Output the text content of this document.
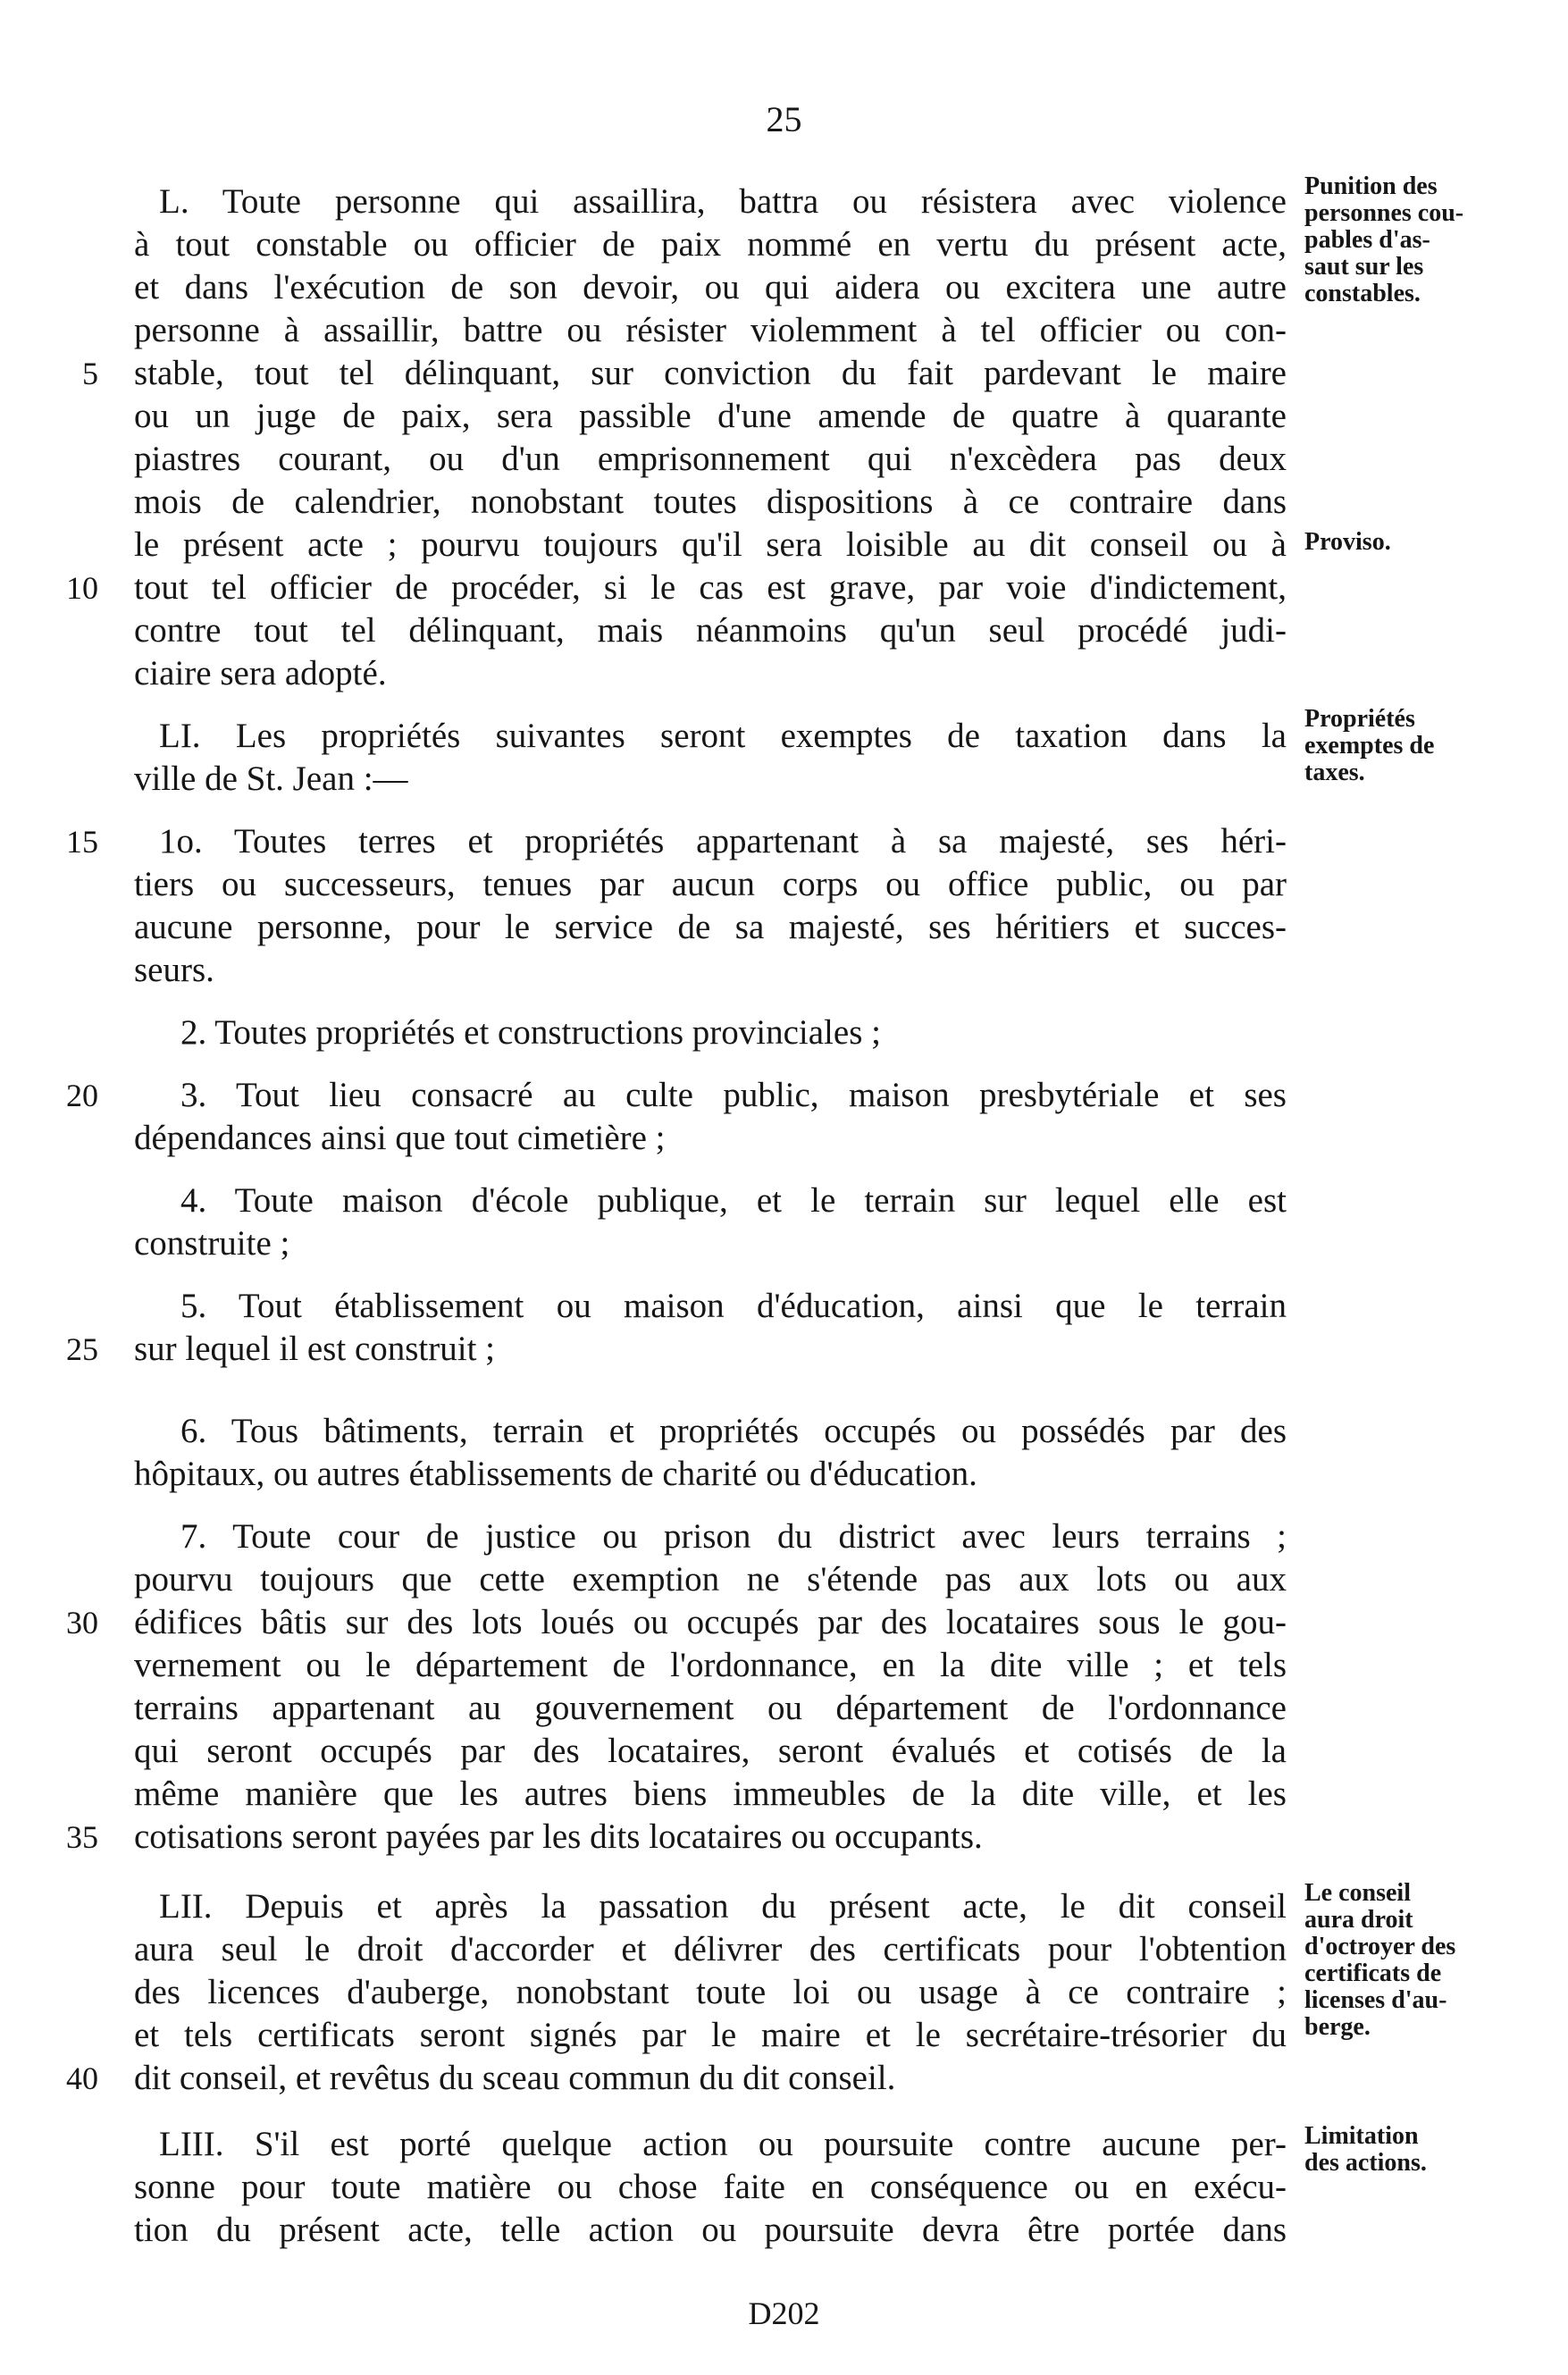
25
L. Toute personne qui assaillira, battra ou résistera avec violence
à tout constable ou officier de paix nommé en vertu du présent acte,
et dans l'exécution de son devoir, ou qui aidera ou excitera une autre
personne à assaillir, battre ou résister violemment à tel officier ou con-
stable, tout tel délinquant, sur conviction du fait pardevant le maire
ou un juge de paix, sera passible d'une amende de quatre à quarante
piastres courant, ou d'un emprisonnement qui n'excèdera pas deux
mois de calendrier, nonobstant toutes dispositions à ce contraire dans
le présent acte ; pourvu toujours qu'il sera loisible au dit conseil ou à
tout tel officier de procéder, si le cas est grave, par voie d'indictement,
contre tout tel délinquant, mais néanmoins qu'un seul procédé judi-
ciaire sera adopté.
LI. Les propriétés suivantes seront exemptes de taxation dans la
ville de St. Jean :—
1o. Toutes terres et propriétés appartenant à sa majesté, ses héri-
tiers ou successeurs, tenues par aucun corps ou office public, ou par
aucune personne, pour le service de sa majesté, ses héritiers et succes-
seurs.
2. Toutes propriétés et constructions provinciales ;
3. Tout lieu consacré au culte public, maison presbytériale et ses
dépendances ainsi que tout cimetière ;
4. Toute maison d'école publique, et le terrain sur lequel elle est
construite ;
5. Tout établissement ou maison d'éducation, ainsi que le terrain
sur lequel il est construit ;
6. Tous bâtiments, terrain et propriétés occupés ou possédés par des
hôpitaux, ou autres établissements de charité ou d'éducation.
7. Toute cour de justice ou prison du district avec leurs terrains ;
pourvu toujours que cette exemption ne s'étende pas aux lots ou aux
édifices bâtis sur des lots loués ou occupés par des locataires sous le gou-
vernement ou le département de l'ordonnance, en la dite ville ; et tels
terrains appartenant au gouvernement ou département de l'ordonnance
qui seront occupés par des locataires, seront évalués et cotisés de la
même manière que les autres biens immeubles de la dite ville, et les
cotisations seront payées par les dits locataires ou occupants.
LII. Depuis et après la passation du présent acte, le dit conseil
aura seul le droit d'accorder et délivrer des certificats pour l'obtention
des licences d'auberge, nonobstant toute loi ou usage à ce contraire ;
et tels certificats seront signés par le maire et le secrétaire-trésorier du
dit conseil, et revêtus du sceau commun du dit conseil.
LIII. S'il est porté quelque action ou poursuite contre aucune per-
sonne pour toute matière ou chose faite en conséquence ou en exécu-
tion du présent acte, telle action ou poursuite devra être portée dans
5
10
15
20
25
30
35
40
Punition des
personnes cou-
pables d'as-
saut sur les
constables.
Proviso.
Propriétés
exemptes de
taxes.
Le conseil
aura droit
d'octroyer des
certificats de
licenses d'au-
berge.
Limitation
des actions.
D202
